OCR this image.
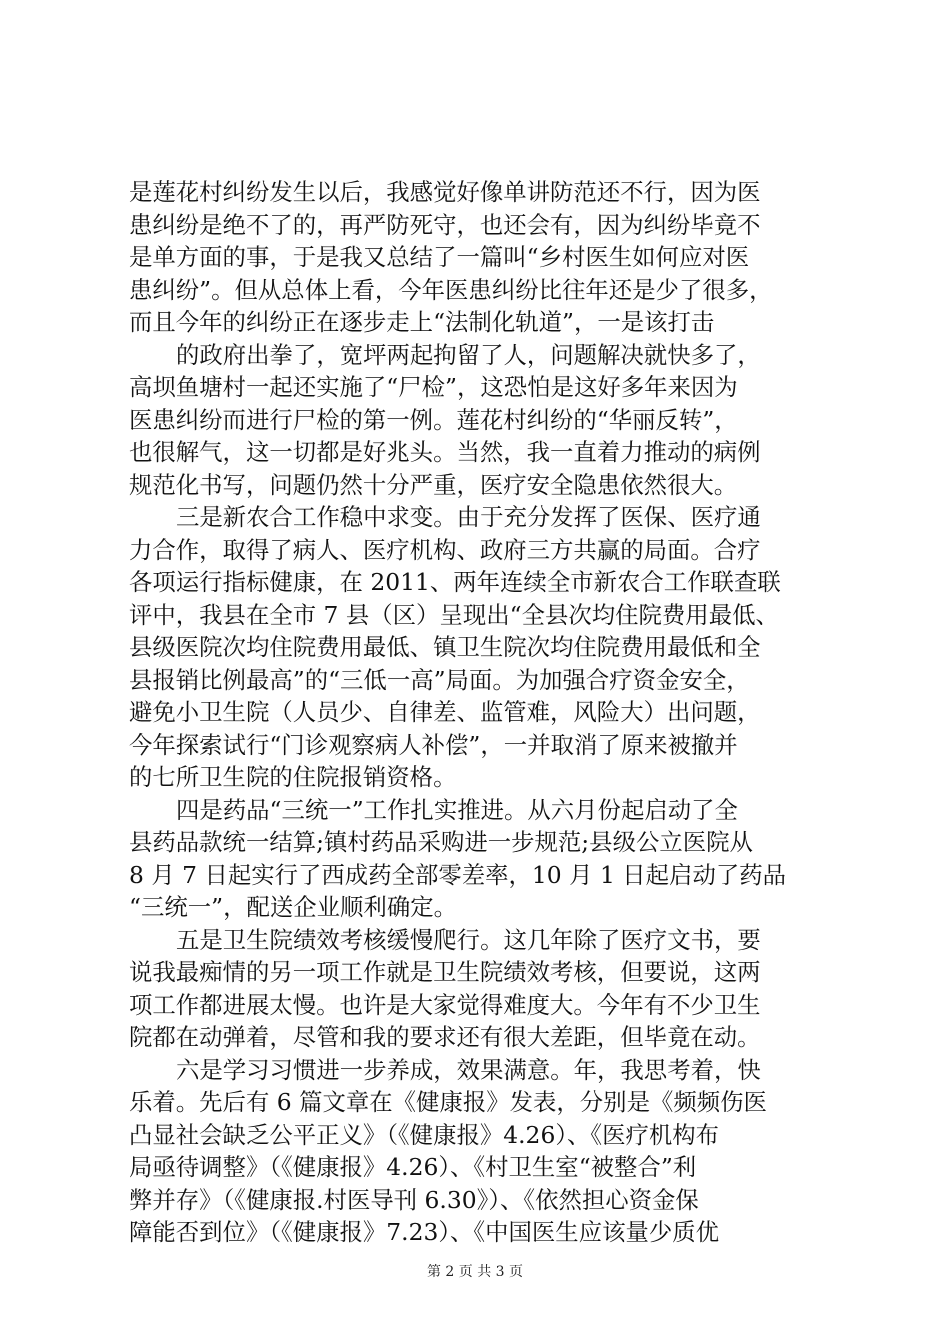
是莲花村纠纷发生以后，我感觉好像单讲防范还不行，因为医
患纠纷是绝不了的，再严防死守，也还会有，因为纠纷毕竟不
是单方面的事，于是我又总结了一篇叫“乡村医生如何应对医
患纠纷”。但从总体上看，今年医患纠纷比往年还是少了很多，
而且今年的纠纷正在逐步走上“法制化轨道”，一是该打击
的政府出拳了，宽坪两起拘留了人，问题解决就快多了，
高坝鱼塘村一起还实施了“尸检”，这恐怕是这好多年来因为
医患纠纷而进行尸检的第一例。莲花村纠纷的“华丽反转”，
也很解气，这一切都是好兆头。当然，我一直着力推动的病例
规范化书写，问题仍然十分严重，医疗安全隐患依然很大。
三是新农合工作稳中求变。由于充分发挥了医保、医疗通
力合作，取得了病人、医疗机构、政府三方共赢的局面。合疗
各项运行指标健康，在 2011、两年连续全市新农合工作联查联
评中，我县在全市 7 县（区）呈现出“全县次均住院费用最低、
县级医院次均住院费用最低、镇卫生院次均住院费用最低和全
县报销比例最高”的“三低一高”局面。为加强合疗资金安全，
避免小卫生院（人员少、自律差、监管难，风险大）出问题，
今年探索试行“门诊观察病人补偿”，一并取消了原来被撤并
的七所卫生院的住院报销资格。
四是药品“三统一”工作扎实推进。从六月份起启动了全
县药品款统一结算;镇村药品采购进一步规范;县级公立医院从
8 月 7 日起实行了西成药全部零差率，10 月 1 日起启动了药品
“三统一”，配送企业顺利确定。
五是卫生院绩效考核缓慢爬行。这几年除了医疗文书，要
说我最痴情的另一项工作就是卫生院绩效考核，但要说，这两
项工作都进展太慢。也许是大家觉得难度大。今年有不少卫生
院都在动弹着，尽管和我的要求还有很大差距，但毕竟在动。
六是学习习惯进一步养成，效果满意。年，我思考着，快
乐着。先后有 6 篇文章在《健康报》发表，分别是《频频伤医
凸显社会缺乏公平正义》（《健康报》4.26）、《医疗机构布
局亟待调整》（《健康报》4.26）、《村卫生室“被整合”利
弊并存》（《健康报.村医导刊 6.30》）、《依然担心资金保
障能否到位》（《健康报》7.23）、《中国医生应该量少质优
第 2 页 共 3 页
